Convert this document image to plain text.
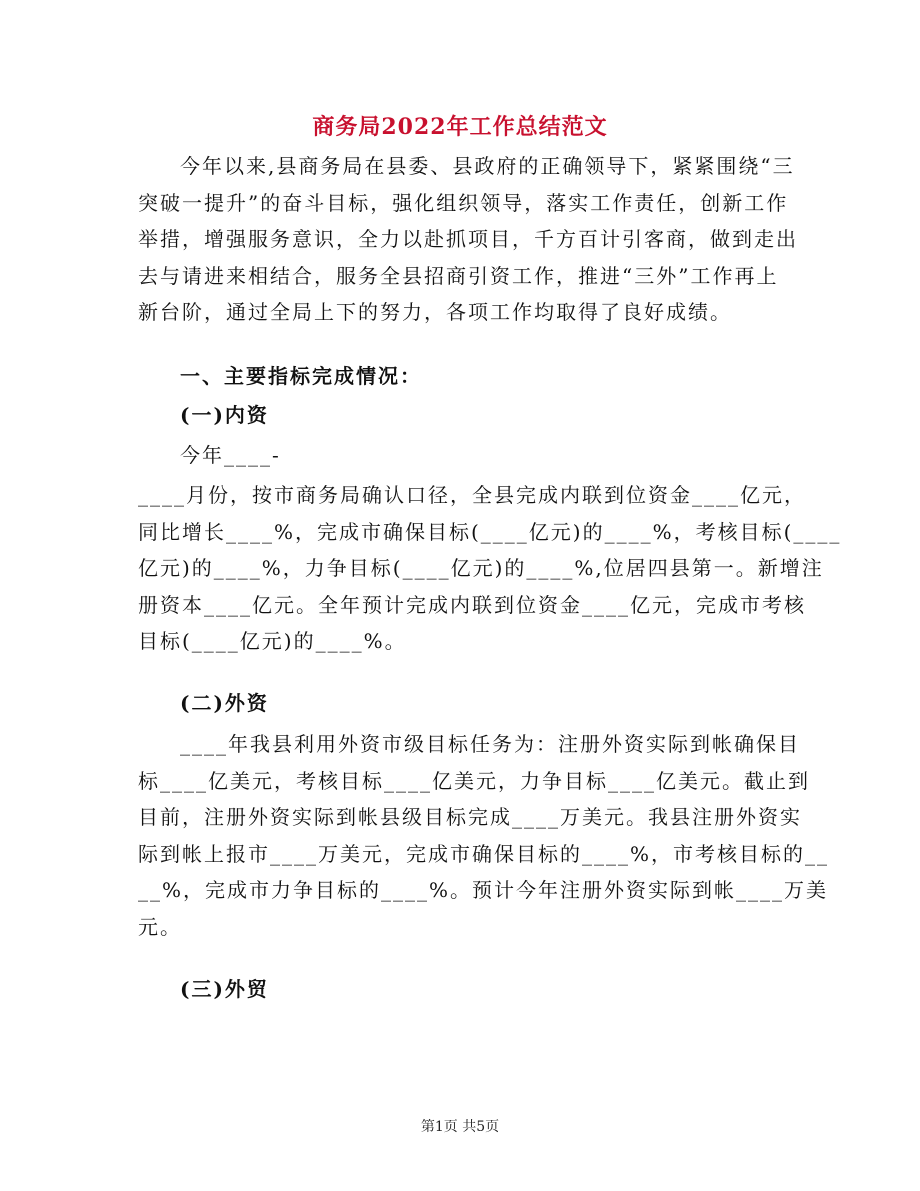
商务局2022年工作总结范文
今年以来,县商务局在县委、县政府的正确领导下，紧紧围绕“三
突破一提升”的奋斗目标，强化组织领导，落实工作责任，创新工作
举措，增强服务意识，全力以赴抓项目，千方百计引客商，做到走出
去与请进来相结合，服务全县招商引资工作，推进“三外”工作再上
新台阶，通过全局上下的努力，各项工作均取得了良好成绩。
一、主要指标完成情况：
(一)内资
今年____-
____月份，按市商务局确认口径，全县完成内联到位资金____亿元，
同比增长____%，完成市确保目标(____亿元)的____%，考核目标(____
亿元)的____%，力争目标(____亿元)的____%,位居四县第一。新增注
册资本____亿元。全年预计完成内联到位资金____亿元，完成市考核
目标(____亿元)的____%。
(二)外资
____年我县利用外资市级目标任务为：注册外资实际到帐确保目
标____亿美元，考核目标____亿美元，力争目标____亿美元。截止到
目前，注册外资实际到帐县级目标完成____万美元。我县注册外资实
际到帐上报市____万美元，完成市确保目标的____%，市考核目标的__
__%，完成市力争目标的____%。预计今年注册外资实际到帐____万美
元。
(三)外贸
第1页 共5页
